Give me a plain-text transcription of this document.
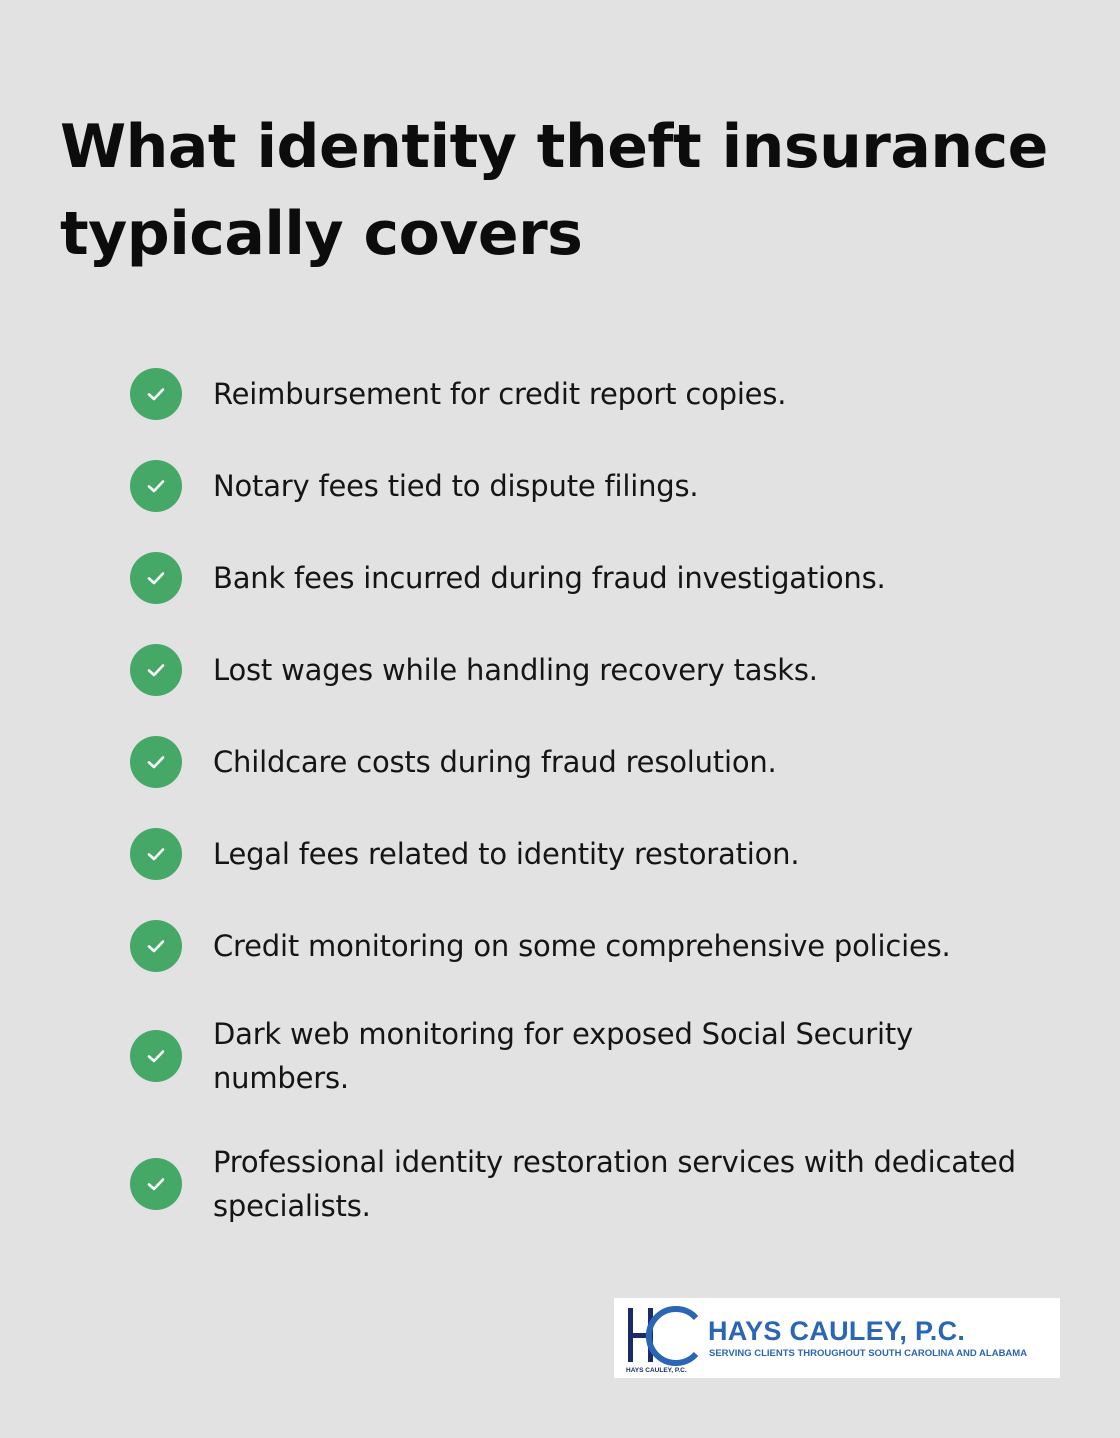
What identity theft insurance typically covers
Reimbursement for credit report copies.
Notary fees tied to dispute filings.
Bank fees incurred during fraud investigations.
Lost wages while handling recovery tasks.
Childcare costs during fraud resolution.
Legal fees related to identity restoration.
Credit monitoring on some comprehensive policies.
Dark web monitoring for exposed Social Security numbers.
Professional identity restoration services with dedicated specialists.
HAYS CAULEY, P.C.
SERVING CLIENTS THROUGHOUT SOUTH CAROLINA AND ALABAMA
HAYS CAULEY, P.C.
